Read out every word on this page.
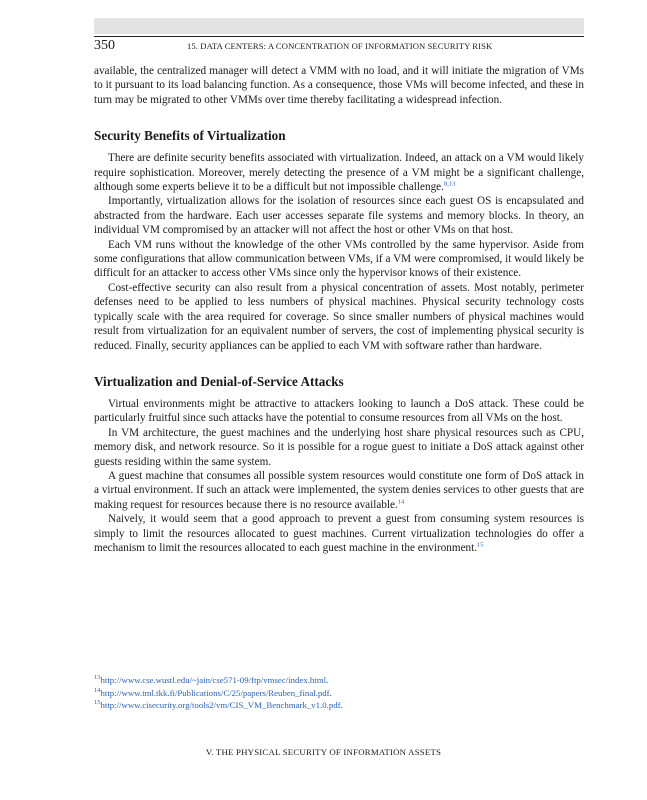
350	15. DATA CENTERS: A CONCENTRATION OF INFORMATION SECURITY RISK

available, the centralized manager will detect a VMM with no load, and it will initiate the migration of VMs to it pursuant to its load balancing function. As a consequence, those VMs will become infected, and these in turn may be migrated to other VMMs over time thereby facilitating a widespread infection.

Security Benefits of Virtualization

There are definite security benefits associated with virtualization. Indeed, an attack on a VM would likely require sophistication. Moreover, merely detecting the presence of a VM might be a significant challenge, although some experts believe it to be a difficult but not impossible challenge.$^{8,13}$

Importantly, virtualization allows for the isolation of resources since each guest OS is encapsulated and abstracted from the hardware. Each user accesses separate file systems and memory blocks. In theory, an individual VM compromised by an attacker will not affect the host or other VMs on that host.

Each VM runs without the knowledge of the other VMs controlled by the same hypervisor. Aside from some configurations that allow communication between VMs, if a VM were compromised, it would likely be difficult for an attacker to access other VMs since only the hypervisor knows of their existence.

Cost-effective security can also result from a physical concentration of assets. Most notably, perimeter defenses need to be applied to less numbers of physical machines. Physical security technology costs typically scale with the area required for coverage. So since smaller numbers of physical machines would result from virtualization for an equivalent number of servers, the cost of implementing physical security is reduced. Finally, security appliances can be applied to each VM with software rather than hardware.

Virtualization and Denial-of-Service Attacks

Virtual environments might be attractive to attackers looking to launch a DoS attack. These could be particularly fruitful since such attacks have the potential to consume resources from all VMs on the host.

In VM architecture, the guest machines and the underlying host share physical resources such as CPU, memory disk, and network resource. So it is possible for a rogue guest to initiate a DoS attack against other guests residing within the same system.

A guest machine that consumes all possible system resources would constitute one form of DoS attack in a virtual environment. If such an attack were implemented, the system denies services to other guests that are making request for resources because there is no resource available.$^{14}$

Naively, it would seem that a good approach to prevent a guest from consuming system resources is simply to limit the resources allocated to guest machines. Current virtualization technologies do offer a mechanism to limit the resources allocated to each guest machine in the environment.$^{15}$

$^{13}$http://www.cse.wustl.edu/~jain/cse571-09/ftp/vmsec/index.html.
$^{14}$http://www.tml.tkk.fi/Publications/C/25/papers/Reuben_final.pdf.
$^{15}$http://www.cisecurity.org/tools2/vm/CIS_VM_Benchmark_v1.0.pdf.
V. THE PHYSICAL SECURITY OF INFORMATION ASSETS
